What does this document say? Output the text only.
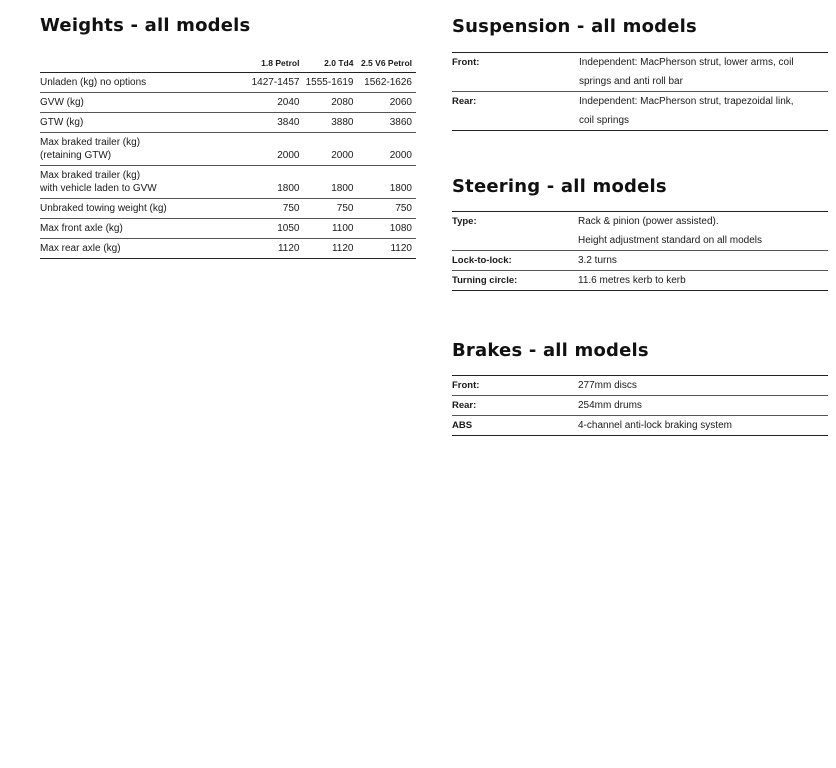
Weights - all models
	1.8 Petrol	2.0 Td4	2.5 V6 Petrol
Unladen (kg) no options	1427-1457	1555-1619	1562-1626
GVW (kg)	2040	2080	2060
GTW (kg)	3840	3880	3860

Max braked trailer (kg)
(retaining GTW)	2000	2000	2000

Max braked trailer (kg)
with vehicle laden to GVW	1800	1800	1800
Unbraked towing weight (kg)	750	750	750
Max front axle (kg)	1050	1100	1080
Max rear axle (kg)	1120	1120	1120
Suspension - all models
Front:	Independent: MacPherson strut, lower arms, coil
springs and anti roll bar

Rear:	Independent: MacPherson strut, trapezoidal link,
coil springs
Steering - all models
Type:	Rack & pinion (power assisted).
Height adjustment standard on all models

Lock-to-lock:	3.2 turns

Turning circle:	11.6 metres kerb to kerb
Brakes - all models
Front:	277mm discs

Rear:	254mm drums

ABS	4-channel anti-lock braking system
